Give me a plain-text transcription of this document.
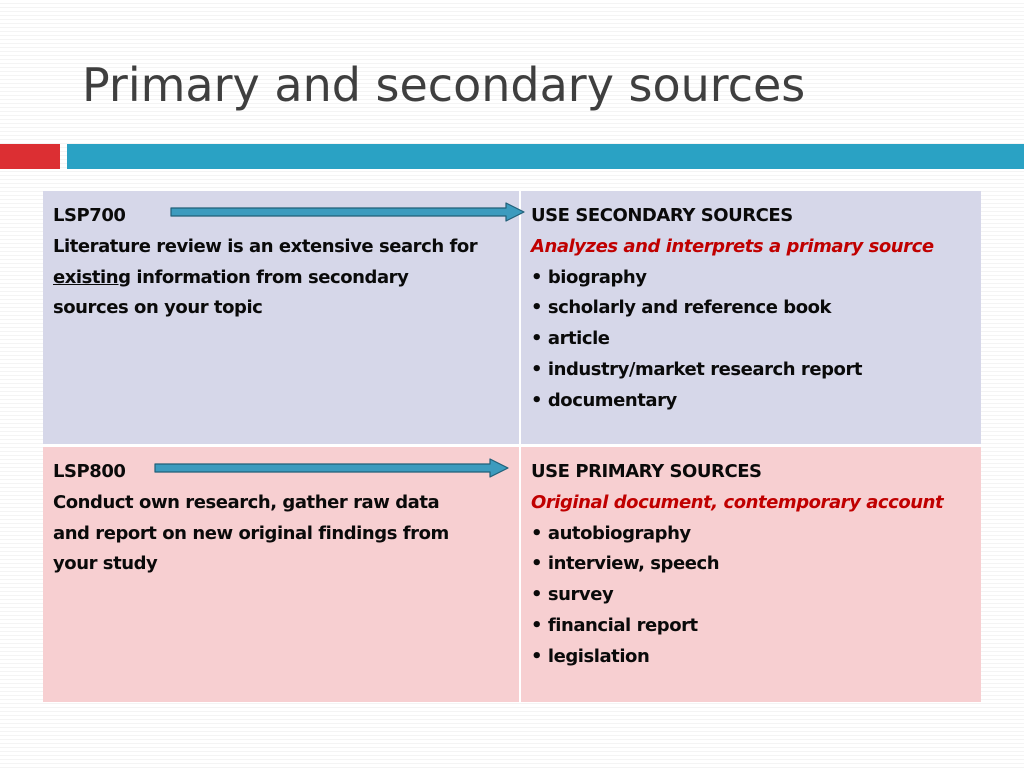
Primary and secondary sources
LSP700
Literature review is an extensive search for
existing information from secondary
sources on your topic
USE SECONDARY SOURCES
Analyzes and interprets a primary source
• biography
• scholarly and reference book
• article
• industry/market research report
• documentary
LSP800
Conduct own research, gather raw data
and report on new original findings from
your study
USE PRIMARY SOURCES
Original document, contemporary account
• autobiography
• interview, speech
• survey
• financial report
• legislation
